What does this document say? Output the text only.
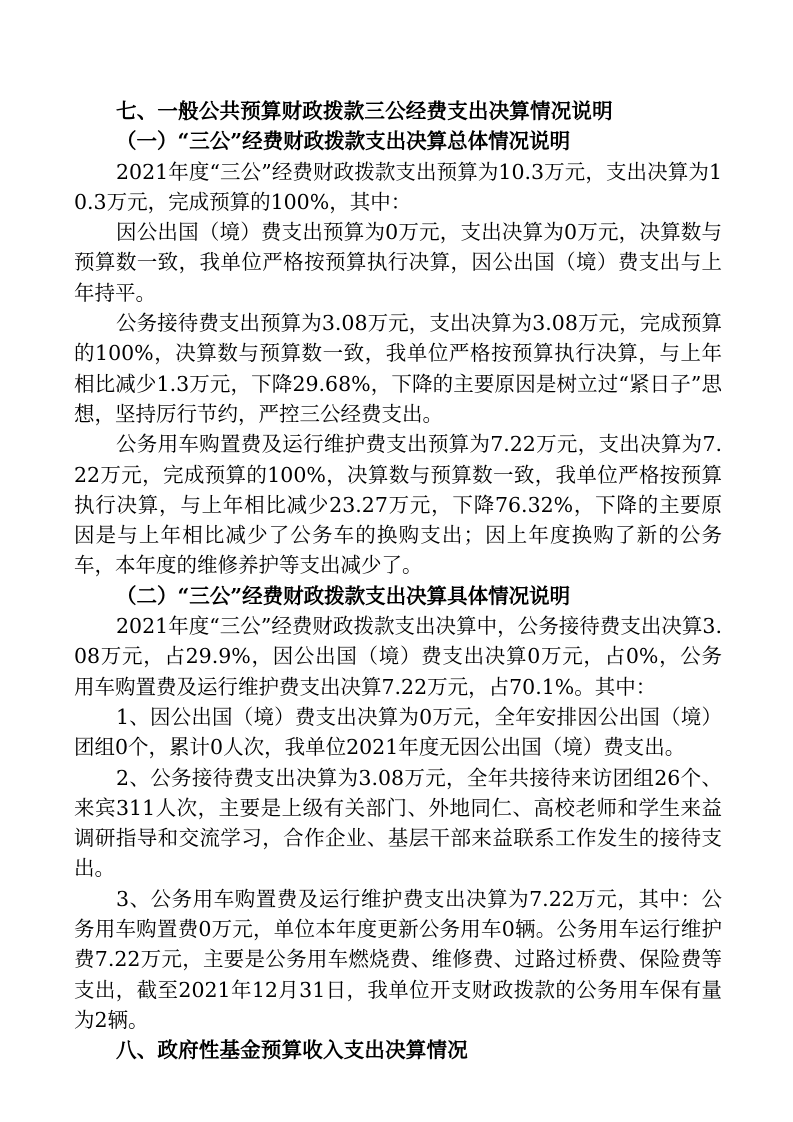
七、一般公共预算财政拨款三公经费支出决算情况说明
（一）“三公”经费财政拨款支出决算总体情况说明
2021年度“三公”经费财政拨款支出预算为10.3万元，支出决算为10.3万元，完成预算的100%，其中：
因公出国（境）费支出预算为0万元，支出决算为0万元，决算数与预算数一致，我单位严格按预算执行决算，因公出国（境）费支出与上年持平。
公务接待费支出预算为3.08万元，支出决算为3.08万元，完成预算的100%，决算数与预算数一致，我单位严格按预算执行决算，与上年相比减少1.3万元，下降29.68%，下降的主要原因是树立过“紧日子”思想，坚持厉行节约，严控三公经费支出。
公务用车购置费及运行维护费支出预算为7.22万元，支出决算为7.22万元，完成预算的100%，决算数与预算数一致，我单位严格按预算执行决算，与上年相比减少23.27万元，下降76.32%，下降的主要原因是与上年相比减少了公务车的换购支出；因上年度换购了新的公务车，本年度的维修养护等支出减少了。
（二）“三公”经费财政拨款支出决算具体情况说明
2021年度“三公”经费财政拨款支出决算中，公务接待费支出决算3.08万元，占29.9%，因公出国（境）费支出决算0万元，占0%，公务用车购置费及运行维护费支出决算7.22万元，占70.1%。其中：
1、因公出国（境）费支出决算为0万元，全年安排因公出国（境）团组0个，累计0人次，我单位2021年度无因公出国（境）费支出。
2、公务接待费支出决算为3.08万元，全年共接待来访团组26个、来宾311人次，主要是上级有关部门、外地同仁、高校老师和学生来益调研指导和交流学习，合作企业、基层干部来益联系工作发生的接待支出。
3、公务用车购置费及运行维护费支出决算为7.22万元，其中：公务用车购置费0万元，单位本年度更新公务用车0辆。公务用车运行维护费7.22万元，主要是公务用车燃烧费、维修费、过路过桥费、保险费等支出，截至2021年12月31日，我单位开支财政拨款的公务用车保有量为2辆。
八、政府性基金预算收入支出决算情况
